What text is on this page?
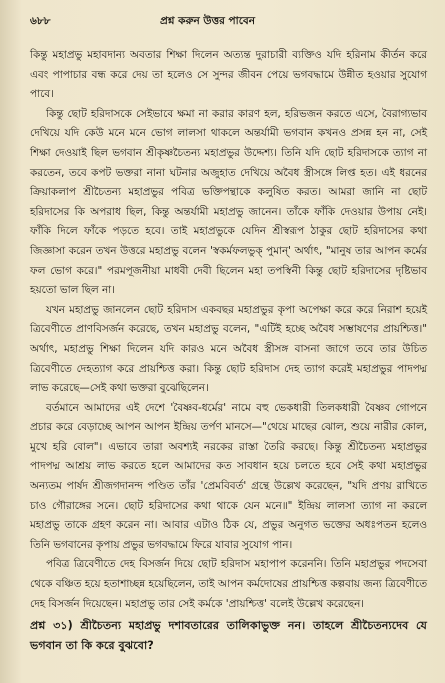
৬৮৮	প্রশ্ন করুন উত্তর পাবেন

কিন্তু মহাপ্রভু মহাবদান্য অবতার শিক্ষা দিলেন অত্যন্ত দুরাচারী ব্যক্তিও যদি হরিনাম কীর্তন করে এবং পাপাচার বন্ধ করে দেয় তা হলেও সে সুন্দর জীবন পেয়ে ভগবদ্ধামে উন্নীত হওয়ার সুযোগ পাবে।

কিন্তু ছোট হরিদাসকে সেইভাবে ক্ষমা না করার কারণ হল, হরিভজন করতে এসে, বৈরাগ্যভাব দেখিয়ে যদি কেউ মনে মনে ভোগ লালসা থাকলে অন্তর্যামী ভগবান কখনও প্রসন্ন হন না, সেই শিক্ষা দেওয়াই ছিল ভগবান শ্রীকৃষ্ণচৈতন্য মহাপ্রভুর উদ্দেশ্য। তিনি যদি ছোট হরিদাসকে ত্যাগ না করতেন, তবে কপট ভক্তরা নানা ঘটনার অজুহাত দেখিয়ে অবৈধ স্ত্রীসঙ্গে লিপ্ত হত। এই ধরনের ক্রিয়াকলাপ শ্রীচৈতন্য মহাপ্রভুর পবিত্র ভক্তিপন্থাকে কলুষিত করত। আমরা জানি না ছোট হরিদাসের কি অপরাধ ছিল, কিন্তু অন্তর্যামী মহাপ্রভু জানেন। তাঁকে ফাঁকি দেওয়ার উপায় নেই। ফাঁকি দিলে ফাঁকে পড়তে হবে। তাই মহাপ্রভুকে যেদিন শ্রীস্বরূপ ঠাকুর ছোট হরিদাসের কথা জিজ্ঞাসা করেন তখন উত্তরে মহাপ্রভু বলেন 'স্বকর্মফলভুক্ পুমান্' অর্থাৎ, "মানুষ তার আপন কর্মের ফল ভোগ করে।" পরমপূজনীয়া মাধবী দেবী ছিলেন মহা তপস্বিনী কিন্তু ছোট হরিদাসের দৃষ্টিভাব হয়তো ভাল ছিল না।

যখন মহাপ্রভু জানলেন ছোট হরিদাস একবছর মহাপ্রভুর কৃপা অপেক্ষা করে করে নিরাশ হয়েই ত্রিবেণীতে প্রাণবিসর্জন করেছে, তখন মহাপ্রভু বলেন, "এটিই হচ্ছে অবৈধ সম্ভাষণের প্রায়শ্চিত্ত।" অর্থাৎ, মহাপ্রভু শিক্ষা দিলেন যদি কারও মনে অবৈধ স্ত্রীসঙ্গ বাসনা জাগে তবে তার উচিত ত্রিবেণীতে দেহত্যাগ করে প্রায়শ্চিত্ত করা। কিন্তু ছোট হরিদাস দেহ ত্যাগ করেই মহাপ্রভুর পাদপদ্ম লাভ করেছে—সেই কথা ভক্তরা বুঝেছিলেন।

বর্তমানে আমাদের এই দেশে 'বৈষ্ণব-ধর্মের' নামে বহু ভেকধারী তিলকধারী বৈষ্ণব গোপনে প্রচার করে বেড়াচ্ছে আপন আপন ইন্দ্রিয় তর্পণ মানসে—"থেয়ে মাছের ঝোল, শুয়ে নারীর কোল, মুখে হরি বোল"। এভাবে তারা অবশ্যই নরকের রাস্তা তৈরি করছে। কিন্তু শ্রীচৈতন্য মহাপ্রভুর পাদপদ্ম আশ্রয় লাভ করতে হলে আমাদের কত সাবধান হয়ে চলতে হবে সেই কথা মহাপ্রভুর অন্যতম পার্ষদ শ্রীজগদানন্দ পণ্ডিত তাঁর 'প্রেমবিবর্ত' গ্রন্থে উল্লেখ করেছেন, "যদি প্রণয় রাখিতে চাও গৌরাঙ্গের সনে। ছোট হরিদাসের কথা থাকে যেন মনে॥" ইন্দ্রিয় লালসা ত্যাগ না করলে মহাপ্রভু তাকে গ্রহণ করেন না। আবার এটাও ঠিক যে, প্রভুর অনুগত ভক্তের অধঃপতন হলেও তিনি ভগবানের কৃপায় প্রভুর ভগবদ্ধামে ফিরে যাবার সুযোগ পান।

পবিত্র ত্রিবেণীতে দেহ বিসর্জন দিয়ে ছোট হরিদাস মহাপাপ করেননি। তিনি মহাপ্রভুর পদসেবা থেকে বঞ্চিত হয়ে হতাশাচ্ছন্ন হয়েছিলেন, তাই আপন কর্মদোষের প্রায়শ্চিত্ত কল্পবায় জন্য ত্রিবেণীতে দেহ বিসর্জন দিয়েছেন। মহাপ্রভু তার সেই কর্মকে 'প্রায়শ্চিত্ত' বলেই উল্লেখ করেছেন।

প্রশ্ন ৩১) শ্রীচৈতন্য মহাপ্রভু দশাবতারের তালিকাভুক্ত নন। তাহলে শ্রীচৈতন্যদেব যে ভগবান তা কি করে বুঝবো?
